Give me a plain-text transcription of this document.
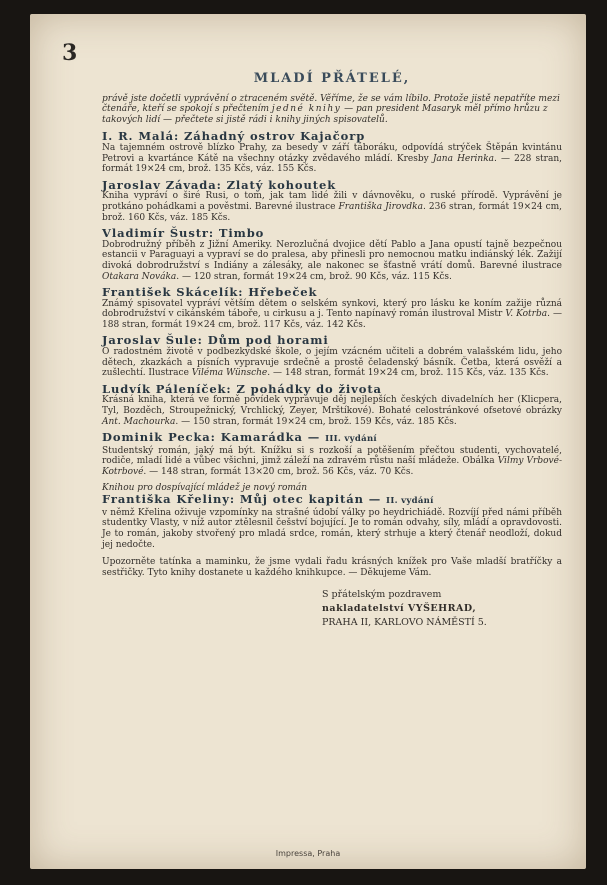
3
MLADÍ PŘÁTELÉ,

právě jste dočetli vyprávění o ztraceném světě. Věříme, že se vám líbilo. Protože jistě nepatříte mezi čtenáře, kteří se spokojí s přečtením jedné knihy — pan president Masaryk měl přímo hrůzu z takových lidí — přečtete si jistě rádi i knihy jiných spisovatelů.

I. R. Malá: Záhadný ostrov Kajačorp

Na tajemném ostrově blízko Prahy, za besedy v září táboráku, odpovídá strýček Štěpán kvintánu Petrovi a kvartánce Kátě na všechny otázky zvědavého mládí. Kresby Jana Herinka. — 228 stran, formát 19×24 cm, brož. 135 Kčs, váz. 155 Kčs.

Jaroslav Závada: Zlatý kohoutek

Kniha vypráví o širé Rusi, o tom, jak tam lidé žili v dávnověku, o ruské přírodě. Vyprávění je protkáno pohádkami a pověstmi. Barevné ilustrace Františka Jirovdka. 236 stran, formát 19×24 cm, brož. 160 Kčs, váz. 185 Kčs.

Vladimír Šustr: Timbo

Dobrodružný příběh z Jižní Ameriky. Nerozlučná dvojice dětí Pablo a Jana opustí tajně bezpečnou estancii v Paraguayi a vypraví se do pralesa, aby přinesli pro nemocnou matku indiánský lék. Zažijí divoká dobrodružství s Indiány a zálesáky, ale nakonec se šťastně vrátí domů. Barevné ilustrace Otakara Nováka. — 120 stran, formát 19×24 cm, brož. 90 Kčs, váz. 115 Kčs.

František Skácelík: Hřebeček

Známý spisovatel vypráví větším dětem o selském synkovi, který pro lásku ke koním zažije různá dobrodružství v cikánském táboře, u cirkusu a j. Tento napínavý román ilustroval Mistr V. Kotrba. — 188 stran, formát 19×24 cm, brož. 117 Kčs, váz. 142 Kčs.

Jaroslav Šule: Dům pod horami

O radostném životě v podbezkydské škole, o jejím vzácném učiteli a dobrém valašském lidu, jeho dětech, zkazkách a písních vypravuje srdečně a prostě čeladenský básník. Četba, která osvěží a zušlechtí. Ilustrace Viléma Wünsche. — 148 stran, formát 19×24 cm, brož. 115 Kčs, váz. 135 Kčs.

Ludvík Páleníček: Z pohádky do života

Krásná kniha, která ve formě povídek vypravuje děj nejlepších českých divadelních her (Klicpera, Tyl, Bozděch, Stroupežnický, Vrchlický, Zeyer, Mrštíkové). Bohaté celostránkové ofsetové obrázky Ant. Machourka. — 150 stran, formát 19×24 cm, brož. 159 Kčs, váz. 185 Kčs.

Dominik Pecka: Kamarádka — III. vydání

Studentský román, jaký má být. Knížku si s rozkoší a potěšením přečtou studenti, vychovatelé, rodiče, mladí lidé a vůbec všichni, jimž záleží na zdravém růstu naší mládeže. Obálka Vilmy Vrbové-Kotrbové. — 148 stran, formát 13×20 cm, brož. 56 Kčs, váz. 70 Kčs.

Knihou pro dospívající mládež je nový román
Františka Křeliny: Můj otec kapitán — II. vydání

v němž Křelina oživuje vzpomínky na strašné údobí války po heydrichiádě. Rozvíjí před námi příběh studentky Vlasty, v níž autor ztělesnil češství bojující. Je to román odvahy, síly, mládí a opravdovosti. Je to román, jakoby stvořený pro mladá srdce, román, který strhuje a který čtenář neodloží, dokud jej nedočte.

Upozorněte tatínka a maminku, že jsme vydali řadu krásných knížek pro Vaše mladší bratříčky a sestřičky. Tyto knihy dostanete u každého knihkupce. — Děkujeme Vám.

S přátelským pozdravem
nakladatelství VYŠEHRAD,
PRAHA II, KARLOVO NÁMĚSTÍ 5.
Impressa, Praha
